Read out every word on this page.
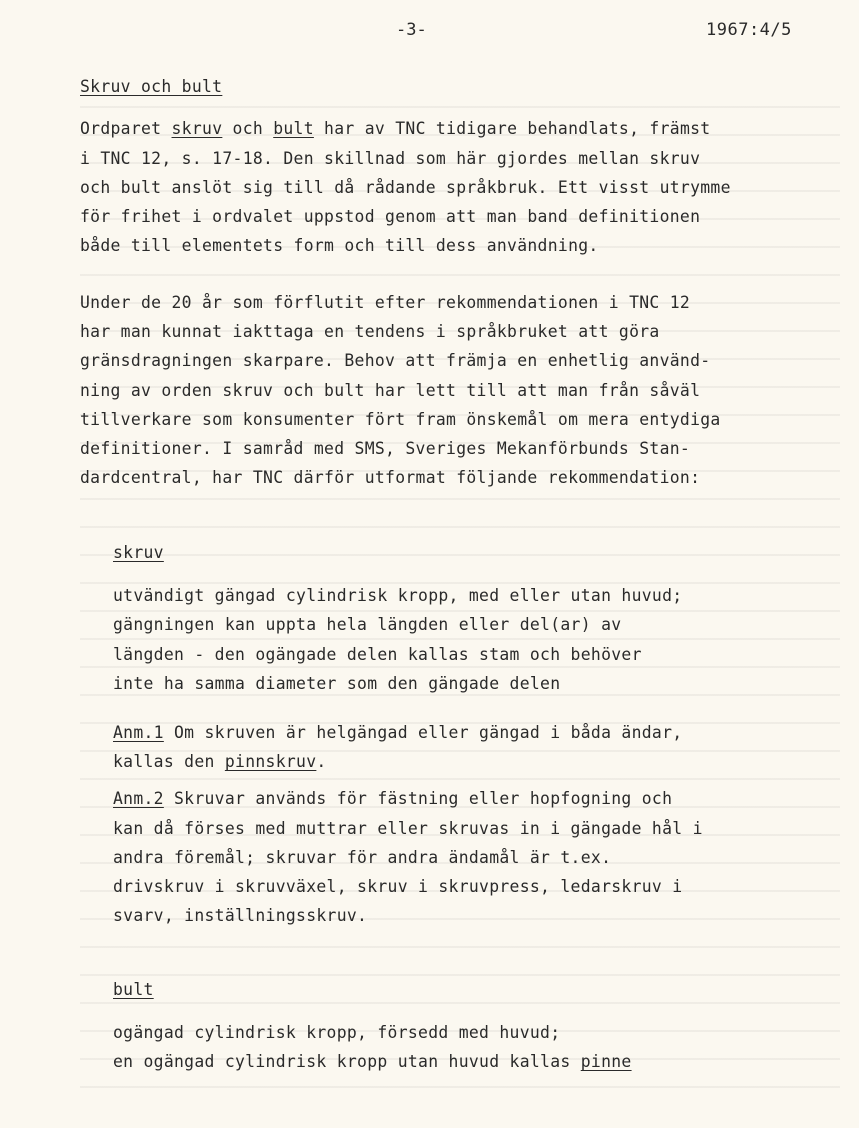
-3-	1967:4/5
Skruv och bult
Ordparet skruv och bult har av TNC tidigare behandlats, främst
i TNC 12, s. 17-18. Den skillnad som här gjordes mellan skruv
och bult anslöt sig till då rådande språkbruk. Ett visst utrymme
för frihet i ordvalet uppstod genom att man band definitionen
både till elementets form och till dess användning.
Under de 20 år som förflutit efter rekommendationen i TNC 12
har man kunnat iakttaga en tendens i språkbruket att göra
gränsdragningen skarpare. Behov att främja en enhetlig använd-
ning av orden skruv och bult har lett till att man från såväl
tillverkare som konsumenter fört fram önskemål om mera entydiga
definitioner. I samråd med SMS, Sveriges Mekanförbunds Stan-
dardcentral, har TNC därför utformat följande rekommendation:
skruv
utvändigt gängad cylindrisk kropp, med eller utan huvud;
gängningen kan uppta hela längden eller del(ar) av
längden - den ogängade delen kallas stam och behöver
inte ha samma diameter som den gängade delen
Anm.1 Om skruven är helgängad eller gängad i båda ändar,
kallas den pinnskruv.
Anm.2 Skruvar används för fästning eller hopfogning och
kan då förses med muttrar eller skruvas in i gängade hål i
andra föremål; skruvar för andra ändamål är t.ex.
drivskruv i skruvväxel, skruv i skruvpress, ledarskruv i
svarv, inställningsskruv.
bult
ogängad cylindrisk kropp, försedd med huvud;
en ogängad cylindrisk kropp utan huvud kallas pinne
